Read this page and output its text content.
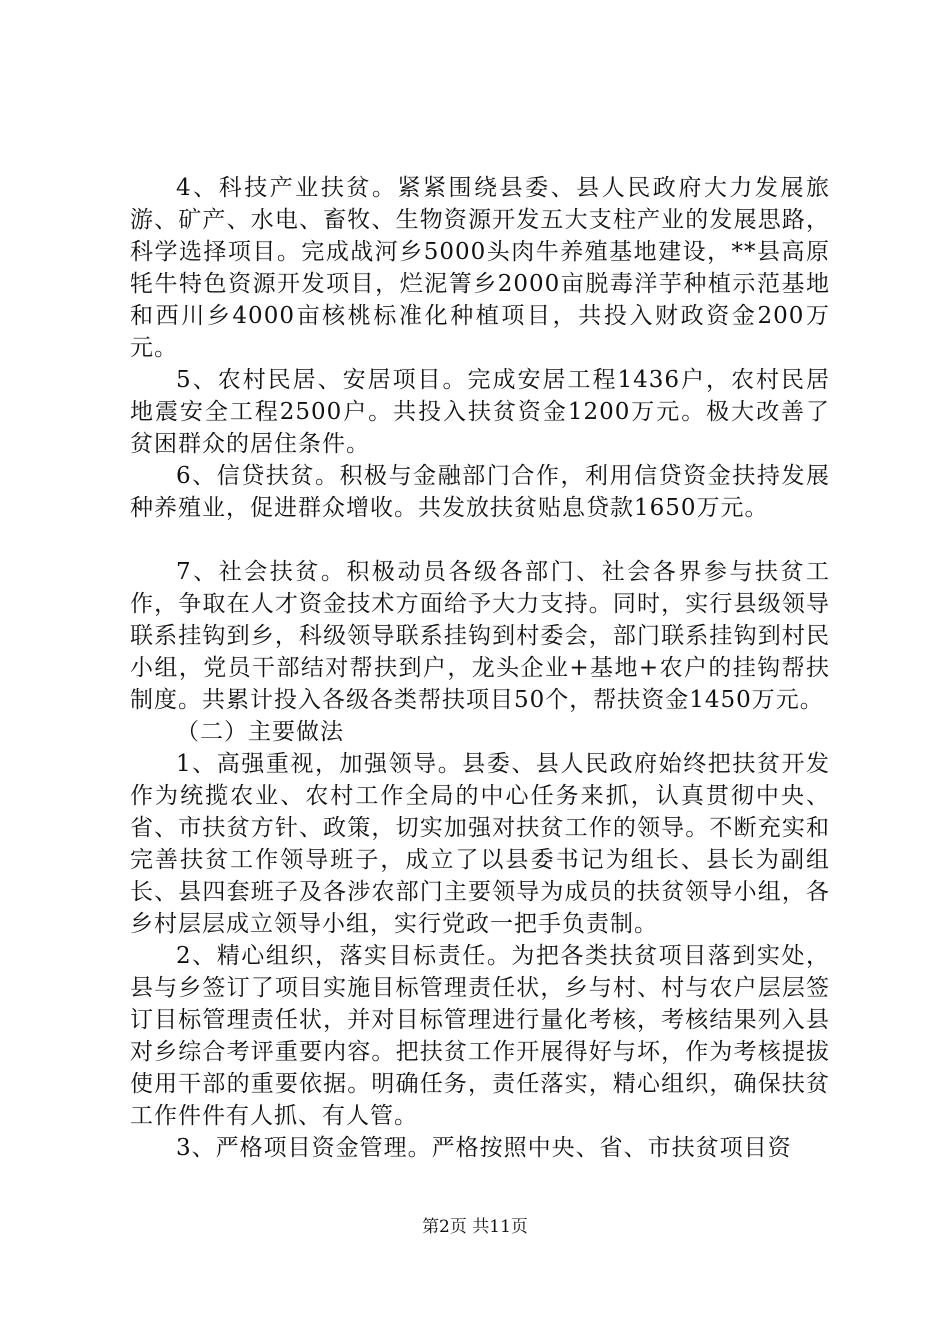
4、科技产业扶贫。紧紧围绕县委、县人民政府大力发展旅游、矿产、水电、畜牧、生物资源开发五大支柱产业的发展思路，科学选择项目。完成战河乡5000头肉牛养殖基地建设，**县高原牦牛特色资源开发项目，烂泥箐乡2000亩脱毒洋芋种植示范基地和西川乡4000亩核桃标准化种植项目，共投入财政资金200万元。

5、农村民居、安居项目。完成安居工程1436户，农村民居地震安全工程2500户。共投入扶贫资金1200万元。极大改善了贫困群众的居住条件。

6、信贷扶贫。积极与金融部门合作，利用信贷资金扶持发展种养殖业，促进群众增收。共发放扶贫贴息贷款1650万元。

7、社会扶贫。积极动员各级各部门、社会各界参与扶贫工作，争取在人才资金技术方面给予大力支持。同时，实行县级领导联系挂钩到乡，科级领导联系挂钩到村委会，部门联系挂钩到村民小组，党员干部结对帮扶到户，龙头企业+基地+农户的挂钩帮扶制度。共累计投入各级各类帮扶项目50个，帮扶资金1450万元。

（二）主要做法

1、高强重视，加强领导。县委、县人民政府始终把扶贫开发作为统揽农业、农村工作全局的中心任务来抓，认真贯彻中央、省、市扶贫方针、政策，切实加强对扶贫工作的领导。不断充实和完善扶贫工作领导班子，成立了以县委书记为组长、县长为副组长、县四套班子及各涉农部门主要领导为成员的扶贫领导小组，各乡村层层成立领导小组，实行党政一把手负责制。

2、精心组织，落实目标责任。为把各类扶贫项目落到实处，县与乡签订了项目实施目标管理责任状，乡与村、村与农户层层签订目标管理责任状，并对目标管理进行量化考核，考核结果列入县对乡综合考评重要内容。把扶贫工作开展得好与坏，作为考核提拔使用干部的重要依据。明确任务，责任落实，精心组织，确保扶贫工作件件有人抓、有人管。

3、严格项目资金管理。严格按照中央、省、市扶贫项目资

第2页 共11页
